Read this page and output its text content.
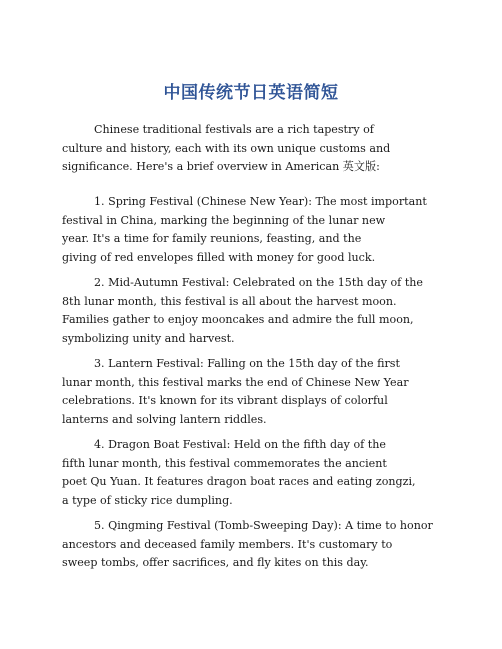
中国传统节日英语简短

Chinese traditional festivals are a rich tapestry of
culture and history, each with its own unique customs and
significance. Here's a brief overview in American 英文版:

1. Spring Festival (Chinese New Year): The most important
festival in China, marking the beginning of the lunar new
year. It's a time for family reunions, feasting, and the
giving of red envelopes filled with money for good luck.

2. Mid-Autumn Festival: Celebrated on the 15th day of the
8th lunar month, this festival is all about the harvest moon.
Families gather to enjoy mooncakes and admire the full moon,
symbolizing unity and harvest.

3. Lantern Festival: Falling on the 15th day of the first
lunar month, this festival marks the end of Chinese New Year
celebrations. It's known for its vibrant displays of colorful
lanterns and solving lantern riddles.

4. Dragon Boat Festival: Held on the fifth day of the
fifth lunar month, this festival commemorates the ancient
poet Qu Yuan. It features dragon boat races and eating zongzi,
a type of sticky rice dumpling.

5. Qingming Festival (Tomb-Sweeping Day): A time to honor
ancestors and deceased family members. It's customary to
sweep tombs, offer sacrifices, and fly kites on this day.
